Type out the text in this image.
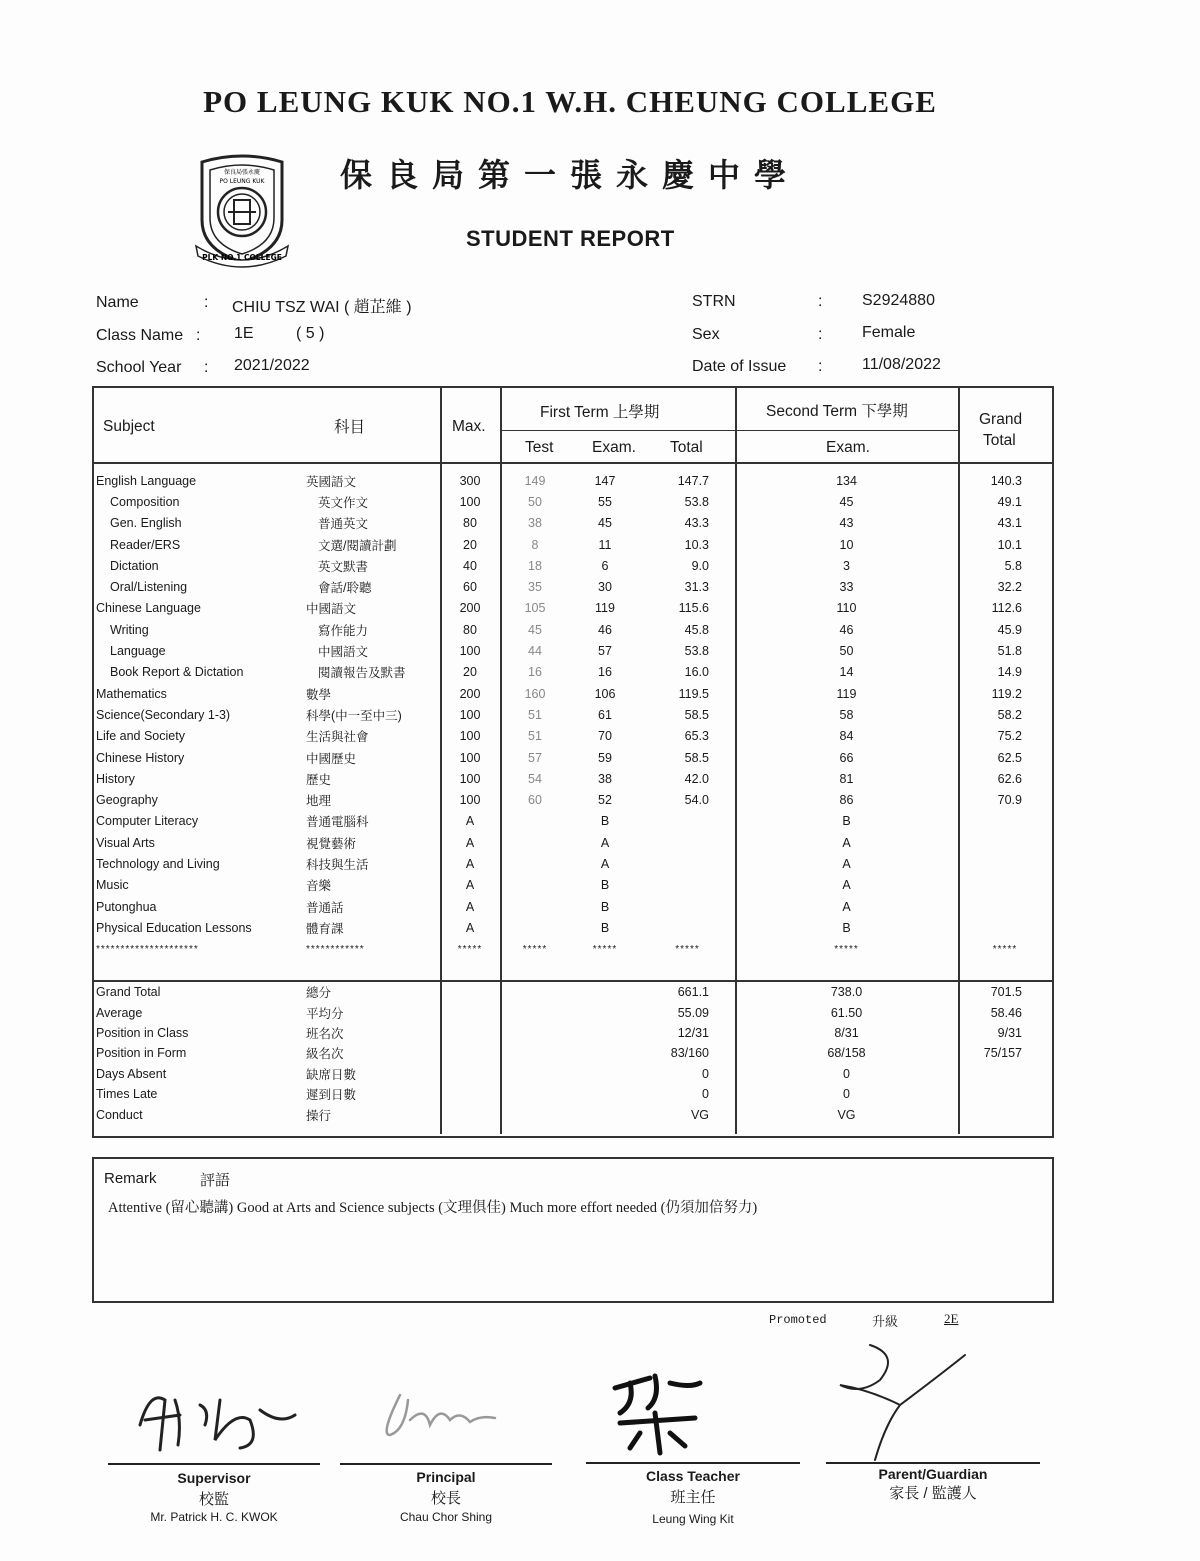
PO LEUNG KUK NO.1 W.H. CHEUNG COLLEGE
保良局張永慶
PO LEUNG KUK
PLK NO.1 COLLEGE
保良局第一張永慶中學
STUDENT REPORT
Name	: CHIU TSZ WAI ( 趙芷維 )
Class Name : 1E	( 5 )
School Year : 2021/2022
STRN	: S2924880
Sex	: Female
Date of Issue : 11/08/2022
Subject	科目	Max.
First Term 上學期	Second Term 下學期	Grand
Total
Test Exam. Total	Exam.
English Language	英國語文	300	149	147	147.7	134	140.3
Composition	英文作文	100	50	55	53.8	45	49.1
Gen. English	普通英文	80	38	45	43.3	43	43.1
Reader/ERS	文選/閱讀計劃	20	8	11	10.3	10	10.1
Dictation	英文默書	40	18	6	9.0	3	5.8
Oral/Listening	會話/聆聽	60	35	30	31.3	33	32.2
Chinese Language	中國語文	200	105	119	115.6	110	112.6
Writing	寫作能力	80	45	46	45.8	46	45.9
Language	中國語文	100	44	57	53.8	50	51.8
Book Report & Dictation	閱讀報告及默書	20	16	16	16.0	14	14.9
Mathematics	數學	200	160	106	119.5	119	119.2
Science(Secondary 1-3)	科學(中一至中三)	100	51	61	58.5	58	58.2
Life and Society	生活與社會	100	51	70	65.3	84	75.2
Chinese History	中國歷史	100	57	59	58.5	66	62.5
History	歷史	100	54	38	42.0	81	62.6
Geography	地理	100	60	52	54.0	86	70.9
Computer Literacy	普通電腦科	A		B		B	
Visual Arts	視覺藝術	A		A		A	
Technology and Living	科技與生活	A		A		A	
Music	音樂	A		B		A	
Putonghua	普通話	A		B		A	
Physical Education Lessons	體育課	A		B		B	
*********************	************	*****	*****	*****	*****	*****	*****
Grand Total	總分				661.1	738.0	701.5
Average	平均分				55.09	61.50	58.46
Position in Class	班名次				12/31	8/31	9/31
Position in Form	級名次				83/160	68/158	75/157
Days Absent	缺席日數				0	0	
Times Late	遲到日數				0	0	
Conduct	操行				VG	VG	
Remark	評語
Attentive (留心聽講) Good at Arts and Science subjects (文理俱佳) Much more effort needed (仍須加倍努力)
Promoted	升級	2E
Supervisor
校監
Mr. Patrick H. C. KWOK
Principal
校長
Chau Chor Shing
Class Teacher
班主任
Leung Wing Kit
Parent/Guardian
家長 / 監護人
